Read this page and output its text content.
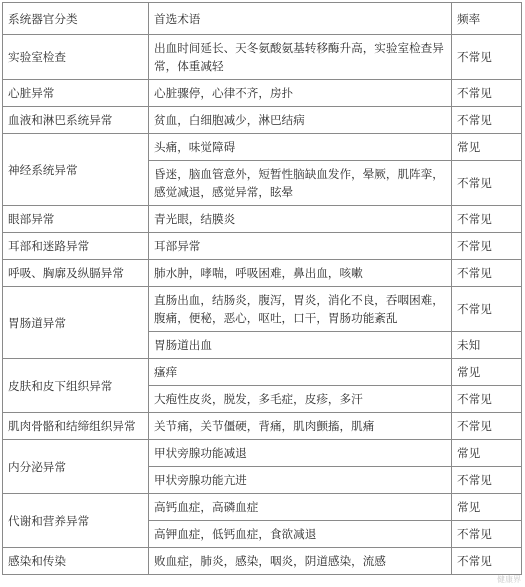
系统器官分类	首选术语	频率
实验室检查	出血时间延长、天冬氨酸氨基转移酶升高，实验室检查异常，体重减轻	不常见
心脏异常	心脏骤停，心律不齐，房扑	不常见
血液和淋巴系统异常	贫血，白细胞减少，淋巴结病	不常见
神经系统异常	头痛，味觉障碍	常见
	昏迷，脑血管意外，短暂性脑缺血发作，晕厥，肌阵挛，感觉减退，感觉异常，眩晕	不常见
眼部异常	青光眼，结膜炎	不常见
耳部和迷路异常	耳部异常	不常见
呼吸、胸廓及纵膈异常	肺水肿，哮喘，呼吸困难，鼻出血，咳嗽	不常见
胃肠道异常	直肠出血，结肠炎，腹泻，胃炎，消化不良，吞咽困难，腹痛，便秘，恶心，呕吐，口干，胃肠功能紊乱	不常见
	胃肠道出血	未知
皮肤和皮下组织异常	瘙痒	常见
	大疱性皮炎，脱发，多毛症，皮疹，多汗	不常见
肌肉骨骼和结缔组织异常	关节痛，关节僵硬，背痛，肌肉颤搐，肌痛	不常见
内分泌异常	甲状旁腺功能减退	常见
	甲状旁腺功能亢进	不常见
代谢和营养异常	高钙血症，高磷血症	常见
	高钾血症，低钙血症，食欲减退	不常见
感染和传染	败血症，肺炎，感染，咽炎，阴道感染，流感	不常见
健康界
